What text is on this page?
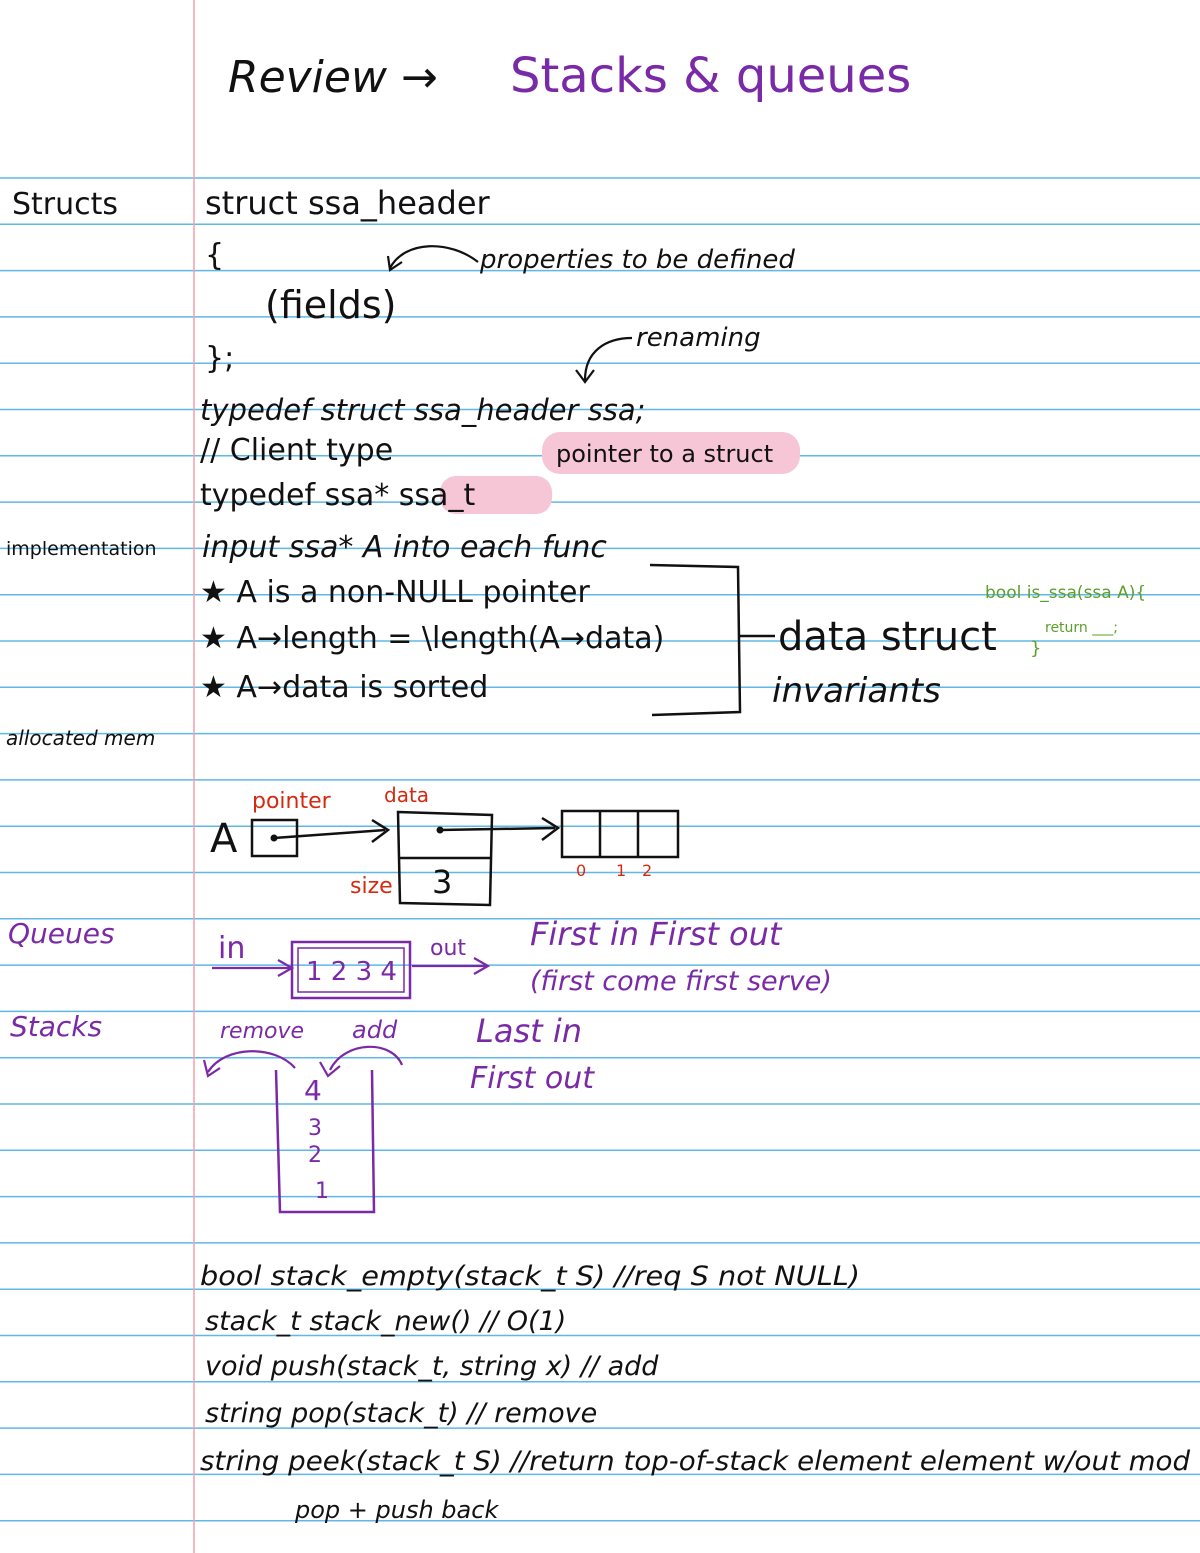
Review → Stacks & queues
Structs
implementation
allocated mem
Queues
Stacks
struct ssa_header
{
(fields)
properties to be defined
};
renaming
typedef struct ssa_header ssa;
// Client type	pointer to a struct
typedef ssa* ssa_t
input ssa* A into each func
★ A is a non-NULL pointer
★ A→length = \length(A→data)
★ A→data is sorted
data struct
invariants
bool is_ssa(ssa A){
return ___;
}
pointer	data
A
size 3	0 1 2
in
1 2 3 4
out First in First out
(first come first serve)
remove add
4
3
2
1
Last in
First out
bool stack_empty(stack_t S) //req S not NULL)
stack_t stack_new() // O(1)
void push(stack_t, string x) // add
string pop(stack_t) // remove
string peek(stack_t S) //return top-of-stack element element w/out mod
pop + push back
